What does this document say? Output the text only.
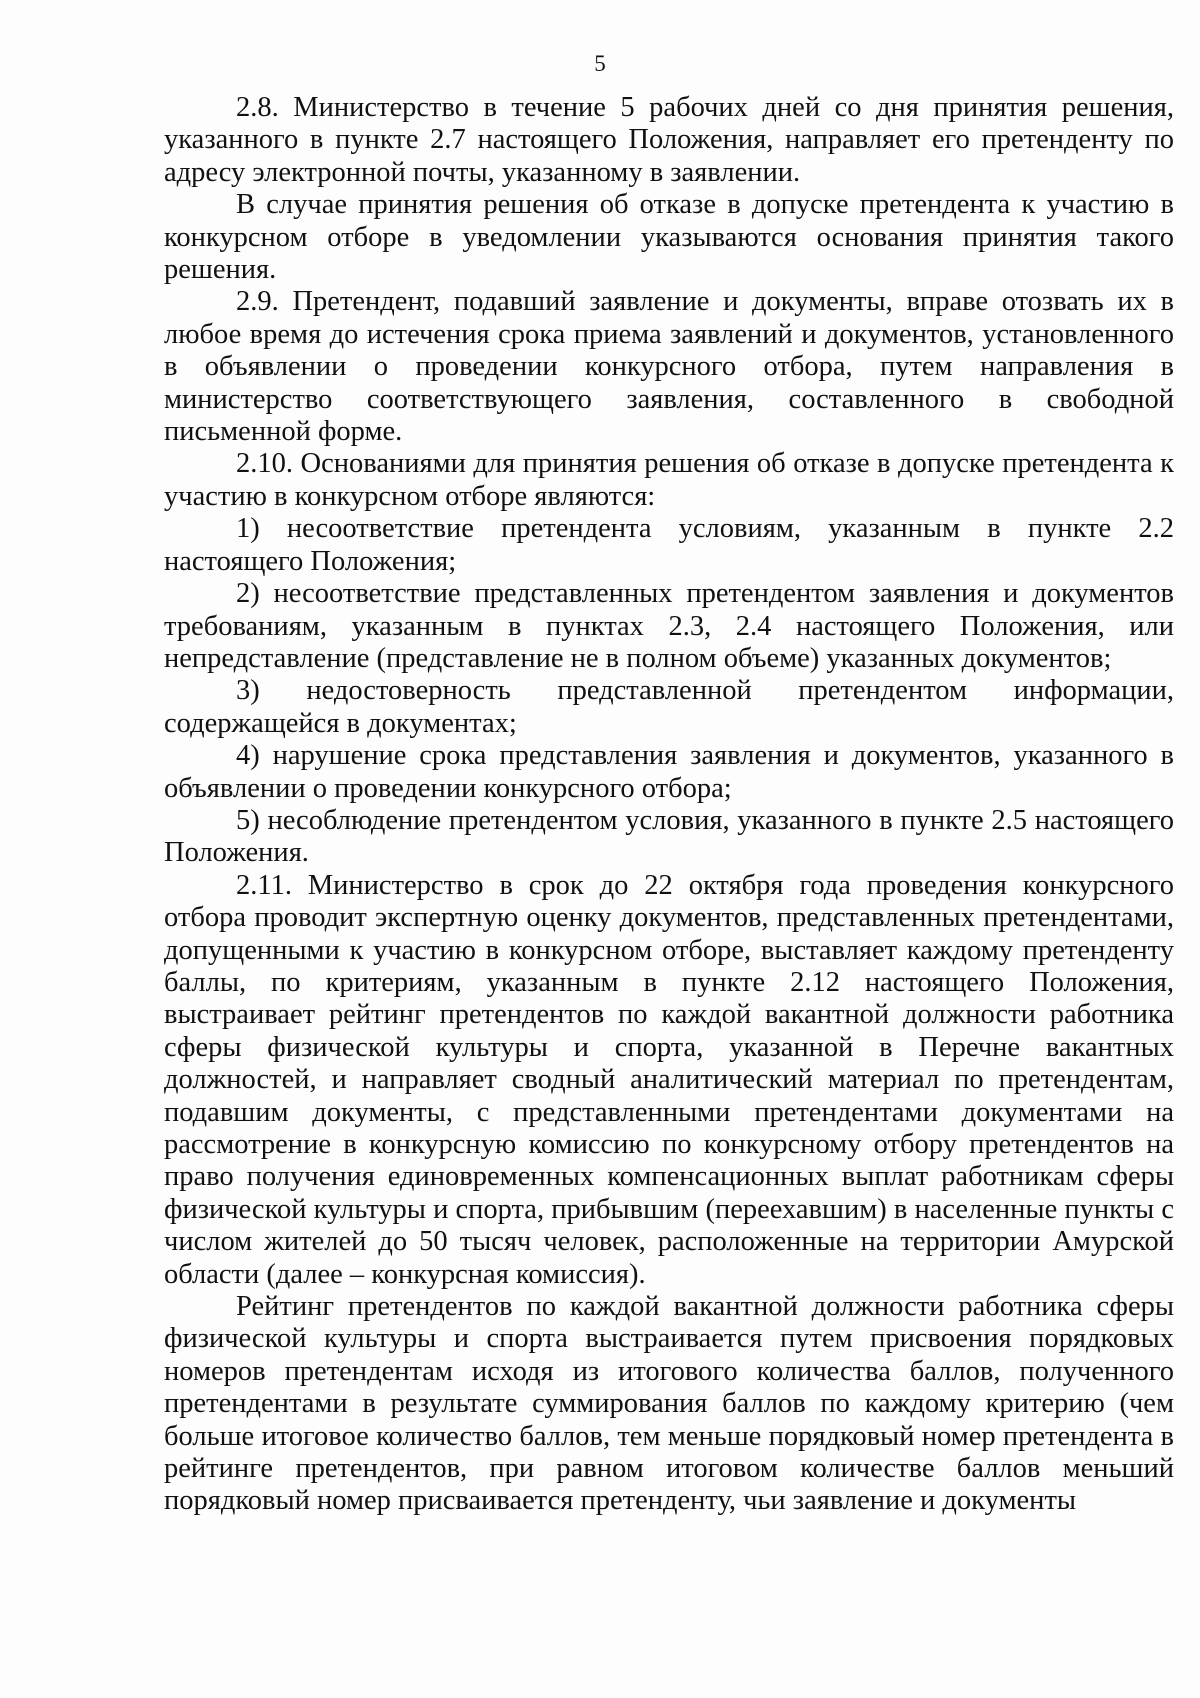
5

2.8. Министерство в течение 5 рабочих дней со дня принятия решения, указанного в пункте 2.7 настоящего Положения, направляет его претенденту по адресу электронной почты, указанному в заявлении.

В случае принятия решения об отказе в допуске претендента к участию в конкурсном отборе в уведомлении указываются основания принятия такого решения.

2.9. Претендент, подавший заявление и документы, вправе отозвать их в любое время до истечения срока приема заявлений и документов, установленного в объявлении о проведении конкурсного отбора, путем направления в министерство соответствующего заявления, составленного в свободной письменной форме.

2.10. Основаниями для принятия решения об отказе в допуске претендента к участию в конкурсном отборе являются:

1) несоответствие претендента условиям, указанным в пункте 2.2 настоящего Положения;

2) несоответствие представленных претендентом заявления и документов требованиям, указанным в пунктах 2.3, 2.4 настоящего Положения, или непредставление (представление не в полном объеме) указанных документов;

3) недостоверность представленной претендентом информации, содержащейся в документах;

4) нарушение срока представления заявления и документов, указанного в объявлении о проведении конкурсного отбора;

5) несоблюдение претендентом условия, указанного в пункте 2.5 настоящего Положения.

2.11. Министерство в срок до 22 октября года проведения конкурсного отбора проводит экспертную оценку документов, представленных претендентами, допущенными к участию в конкурсном отборе, выставляет каждому претенденту баллы, по критериям, указанным в пункте 2.12 настоящего Положения, выстраивает рейтинг претендентов по каждой вакантной должности работника сферы физической культуры и спорта, указанной в Перечне вакантных должностей, и направляет сводный аналитический материал по претендентам, подавшим документы, с представленными претендентами документами на рассмотрение в конкурсную комиссию по конкурсному отбору претендентов на право получения единовременных компенсационных выплат работникам сферы физической культуры и спорта, прибывшим (переехавшим) в населенные пункты с числом жителей до 50 тысяч человек, расположенные на территории Амурской области (далее – конкурсная комиссия).

Рейтинг претендентов по каждой вакантной должности работника сферы физической культуры и спорта выстраивается путем присвоения порядковых номеров претендентам исходя из итогового количества баллов, полученного претендентами в результате суммирования баллов по каждому критерию (чем больше итоговое количество баллов, тем меньше порядковый номер претендента в рейтинге претендентов, при равном итоговом количестве баллов меньший порядковый номер присваивается претенденту, чьи заявление и документы
